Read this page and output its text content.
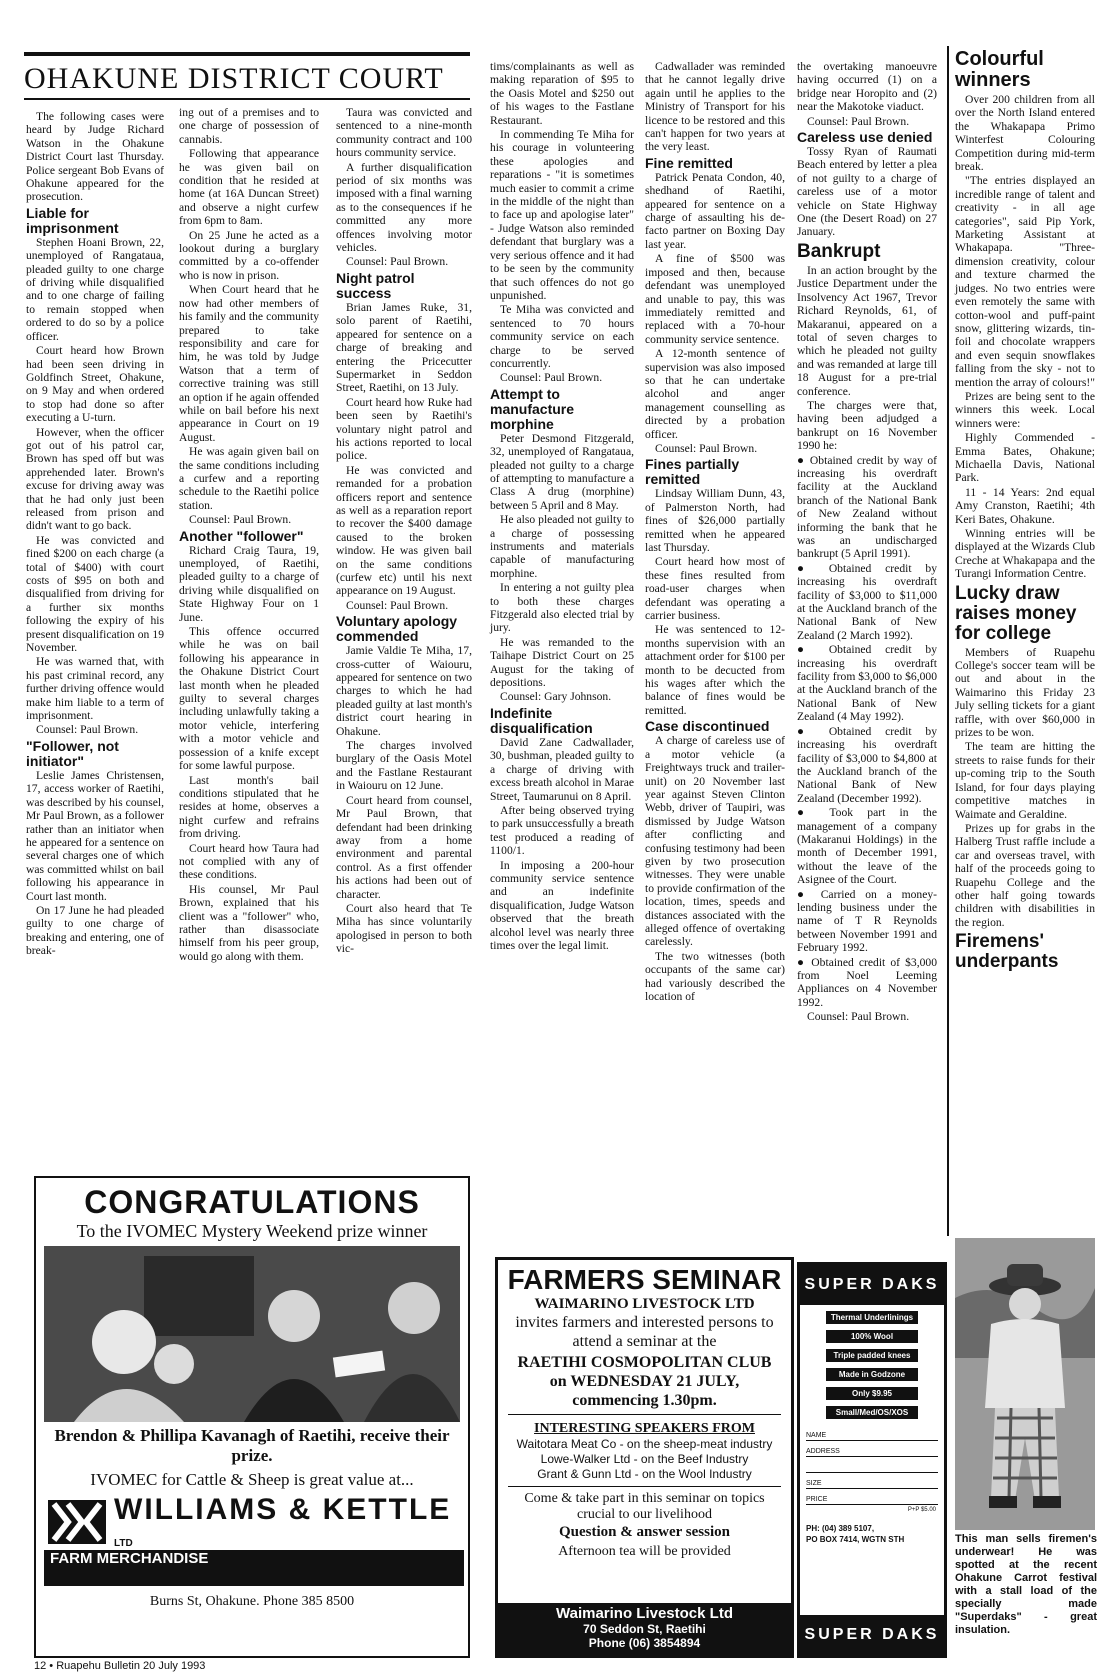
OHAKUNE DISTRICT COURT

The following cases were heard by Judge Richard Watson in the Ohakune District Court last Thursday. Police sergeant Bob Evans of Ohakune appeared for the prosecution.

Liable for imprisonment

Stephen Hoani Brown, 22, unemployed of Rangataua, pleaded guilty to one charge of driving while disqualified and to one charge of failing to remain stopped when ordered to do so by a police officer.

Court heard how Brown had been seen driving in Goldfinch Street, Ohakune, on 9 May and when ordered to stop had done so after executing a U-turn.

However, when the officer got out of his patrol car, Brown has sped off but was apprehended later. Brown's excuse for driving away was that he had only just been released from prison and didn't want to go back.

He was convicted and fined $200 on each charge (a total of $400) with court costs of $95 on both and disqualified from driving for a further six months following the expiry of his present disqualification on 19 November.

He was warned that, with his past criminal record, any further driving offence would make him liable to a term of imprisonment.

Counsel: Paul Brown.

"Follower, not initiator"

Leslie James Christensen, 17, access worker of Raetihi, was described by his counsel, Mr Paul Brown, as a follower rather than an initiator when he appeared for a sentence on several charges one of which was committed whilst on bail following his appearance in Court last month.

On 17 June he had pleaded guilty to one charge of breaking and entering, one of break-

ing out of a premises and to one charge of possession of cannabis.

Following that appearance he was given bail on condition that he resided at home (at 16A Duncan Street) and observe a night curfew from 6pm to 8am.

On 25 June he acted as a lookout during a burglary committed by a co-offender who is now in prison.

When Court heard that he now had other members of his family and the community prepared to take responsibility and care for him, he was told by Judge Watson that a term of corrective training was still an option if he again offended while on bail before his next appearance in Court on 19 August.

He was again given bail on the same conditions including a curfew and a reporting schedule to the Raetihi police station.

Counsel: Paul Brown.

Another "follower"

Richard Craig Taura, 19, unemployed, of Raetihi, pleaded guilty to a charge of driving while disqualified on State Highway Four on 1 June.

This offence occurred while he was on bail following his appearance in the Ohakune District Court last month when he pleaded guilty to several charges including unlawfully taking a motor vehicle, interfering with a motor vehicle and possession of a knife except for some lawful purpose.

Last month's bail conditions stipulated that he resides at home, observes a night curfew and refrains from driving.

Court heard how Taura had not complied with any of these conditions.

His counsel, Mr Paul Brown, explained that his client was a "follower" who, rather than disassociate himself from his peer group, would go along with them.

Taura was convicted and sentenced to a nine-month community contract and 100 hours community service.

A further disqualification period of six months was imposed with a final warning as to the consequences if he committed any more offences involving motor vehicles.

Counsel: Paul Brown.

Night patrol success

Brian James Ruke, 31, solo parent of Raetihi, appeared for sentence on a charge of breaking and entering the Pricecutter Supermarket in Seddon Street, Raetihi, on 13 July.

Court heard how Ruke had been seen by Raetihi's voluntary night patrol and his actions reported to local police.

He was convicted and remanded for a probation officers report and sentence as well as a reparation report to recover the $400 damage caused to the broken window. He was given bail on the same conditions (curfew etc) until his next appearance on 19 August.

Counsel: Paul Brown.

Voluntary apology commended

Jamie Valdie Te Miha, 17, cross-cutter of Waiouru, appeared for sentence on two charges to which he had pleaded guilty at last month's district court hearing in Ohakune.

The charges involved burglary of the Oasis Motel and the Fastlane Restaurant in Waiouru on 12 June.

Court heard from counsel, Mr Paul Brown, that defendant had been drinking away from a home environment and parental control. As a first offender his actions had been out of character.

Court also heard that Te Miha has since voluntarily apologised in person to both vic-

tims/complainants as well as making reparation of $95 to the Oasis Motel and $250 out of his wages to the Fastlane Restaurant.

In commending Te Miha for his courage in volunteering these apologies and reparations - "it is sometimes much easier to commit a crime in the middle of the night than to face up and apologise later" - Judge Watson also reminded defendant that burglary was a very serious offence and it had to be seen by the community that such offences do not go unpunished.

Te Miha was convicted and sentenced to 70 hours community service on each charge to be served concurrently.

Counsel: Paul Brown.

Attempt to manufacture morphine

Peter Desmond Fitzgerald, 32, unemployed of Rangataua, pleaded not guilty to a charge of attempting to manufacture a Class A drug (morphine) between 5 April and 8 May.

He also pleaded not guilty to a charge of possessing instruments and materials capable of manufacturing morphine.

In entering a not guilty plea to both these charges Fitzgerald also elected trial by jury.

He was remanded to the Taihape District Court on 25 August for the taking of depositions.

Counsel: Gary Johnson.

Indefinite disqualification

David Zane Cadwallader, 30, bushman, pleaded guilty to a charge of driving with excess breath alcohol in Marae Street, Taumarunui on 8 April.

After being observed trying to park unsuccessfully a breath test produced a reading of 1100/1.

In imposing a 200-hour community service sentence and an indefinite disqualification, Judge Watson observed that the breath alcohol level was nearly three times over the legal limit.

Cadwallader was reminded that he cannot legally drive again until he applies to the Ministry of Transport for his licence to be restored and this can't happen for two years at the very least.

Fine remitted

Patrick Penata Condon, 40, shedhand of Raetihi, appeared for sentence on a charge of assaulting his de-facto partner on Boxing Day last year.

A fine of $500 was imposed and then, because defendant was unemployed and unable to pay, this was immediately remitted and replaced with a 70-hour community service sentence.

A 12-month sentence of supervision was also imposed so that he can undertake alcohol and anger management counselling as directed by a probation officer.

Counsel: Paul Brown.

Fines partially remitted

Lindsay William Dunn, 43, of Palmerston North, had fines of $26,000 partially remitted when he appeared last Thursday.

Court heard how most of these fines resulted from road-user charges when defendant was operating a carrier business.

He was sentenced to 12-months supervision with an attachment order for $100 per month to be decucted from his wages after which the balance of fines would be remitted.

Case discontinued

A charge of careless use of a motor vehicle (a Freightways truck and trailer-unit) on 20 November last year against Steven Clinton Webb, driver of Taupiri, was dismissed by Judge Watson after conflicting and confusing testimony had been given by two prosecution witnesses. They were unable to provide confirmation of the location, times, speeds and distances associated with the alleged offence of overtaking carelessly.

The two witnesses (both occupants of the same car) had variously described the location of

the overtaking manoeuvre having occurred (1) on a bridge near Horopito and (2) near the Makotoke viaduct.

Counsel: Paul Brown.

Careless use denied

Tossy Ryan of Raumati Beach entered by letter a plea of not guilty to a charge of careless use of a motor vehicle on State Highway One (the Desert Road) on 27 January.

Bankrupt

In an action brought by the Justice Department under the Insolvency Act 1967, Trevor Richard Reynolds, 61, of Makaranui, appeared on a total of seven charges to which he pleaded not guilty and was remanded at large till 18 August for a pre-trial conference.

The charges were that, having been adjudged a bankrupt on 16 November 1990 he:

● Obtained credit by way of increasing his overdraft facility at the Auckland branch of the National Bank of New Zealand without informing the bank that he was an undischarged bankrupt (5 April 1991).

● Obtained credit by increasing his overdraft facility of $3,000 to $11,000 at the Auckland branch of the National Bank of New Zealand (2 March 1992).

● Obtained credit by increasing his overdraft facility from $3,000 to $6,000 at the Auckland branch of the National Bank of New Zealand (4 May 1992).

● Obtained credit by increasing his overdraft facility of $3,000 to $4,800 at the Auckland branch of the National Bank of New Zealand (December 1992).

● Took part in the management of a company (Makaranui Holdings) in the month of December 1991, without the leave of the Asignee of the Court.

● Carried on a money-lending business under the name of T R Reynolds between November 1991 and February 1992.

● Obtained credit of $3,000 from Noel Leeming Appliances on 4 November 1992.

Counsel: Paul Brown.

Colourful winners

Over 200 children from all over the North Island entered the Whakapapa Primo Winterfest Colouring Competition during mid-term break.

"The entries displayed an incredible range of talent and creativity - in all age categories", said Pip York, Marketing Assistant at Whakapapa. "Three-dimension creativity, colour and texture charmed the judges. No two entries were even remotely the same with cotton-wool and puff-paint snow, glittering wizards, tin-foil and chocolate wrappers and even sequin snowflakes falling from the sky - not to mention the array of colours!"

Prizes are being sent to the winners this week. Local winners were:

Highly Commended - Emma Bates, Ohakune; Michaella Davis, National Park.

11 - 14 Years: 2nd equal Amy Cranston, Raetihi; 4th Keri Bates, Ohakune.

Winning entries will be displayed at the Wizards Club Creche at Whakapapa and the Turangi Information Centre.

Lucky draw raises money for college

Members of Ruapehu College's soccer team will be out and about in the Waimarino this Friday 23 July selling tickets for a giant raffle, with over $60,000 in prizes to be won.

The team are hitting the streets to raise funds for their up-coming trip to the South Island, for four days playing competitive matches in Waimate and Geraldine.

Prizes up for grabs in the Halberg Trust raffle include a car and overseas travel, with half of the proceeds going to Ruapehu College and the other half going towards children with disabilities in the region.

Firemens' underpants
This man sells firemen's underwear! He was spotted at the recent Ohakune Carrot festival with a stall load of the specially made "Superdaks" - great insulation.
CONGRATULATIONS
To the IVOMEC Mystery Weekend prize winner
Brendon & Phillipa Kavanagh of Raetihi, receive their prize.
IVOMEC for Cattle & Sheep is great value at...
WILLIAMS & KETTLE LTD
FARM MERCHANDISE
Burns St, Ohakune. Phone 385 8500
FARMERS SEMINAR
WAIMARINO LIVESTOCK LTD
invites farmers and interested persons to attend a seminar at the
RAETIHI COSMOPOLITAN CLUB on WEDNESDAY 21 JULY, commencing 1.30pm.
INTERESTING SPEAKERS FROM
Waitotara Meat Co - on the sheep-meat industry
Lowe-Walker Ltd - on the Beef Industry
Grant & Gunn Ltd - on the Wool Industry
Come & take part in this seminar on topics crucial to our livelihood
Question & answer session
Afternoon tea will be provided
Waimarino Livestock Ltd
70 Seddon St, Raetihi
Phone (06) 3854894
SUPER DAKS
Thermal Underlinings
100% Wool
Triple padded knees
Made in Godzone
Only $9.95
Small/Med/OS/XOS
NAME
ADDRESS
SIZE
PRICE
P+P $5.00
PH: (04) 389 5107,
PO BOX 7414, WGTN STH
SUPER DAKS
12 • Ruapehu Bulletin 20 July 1993
